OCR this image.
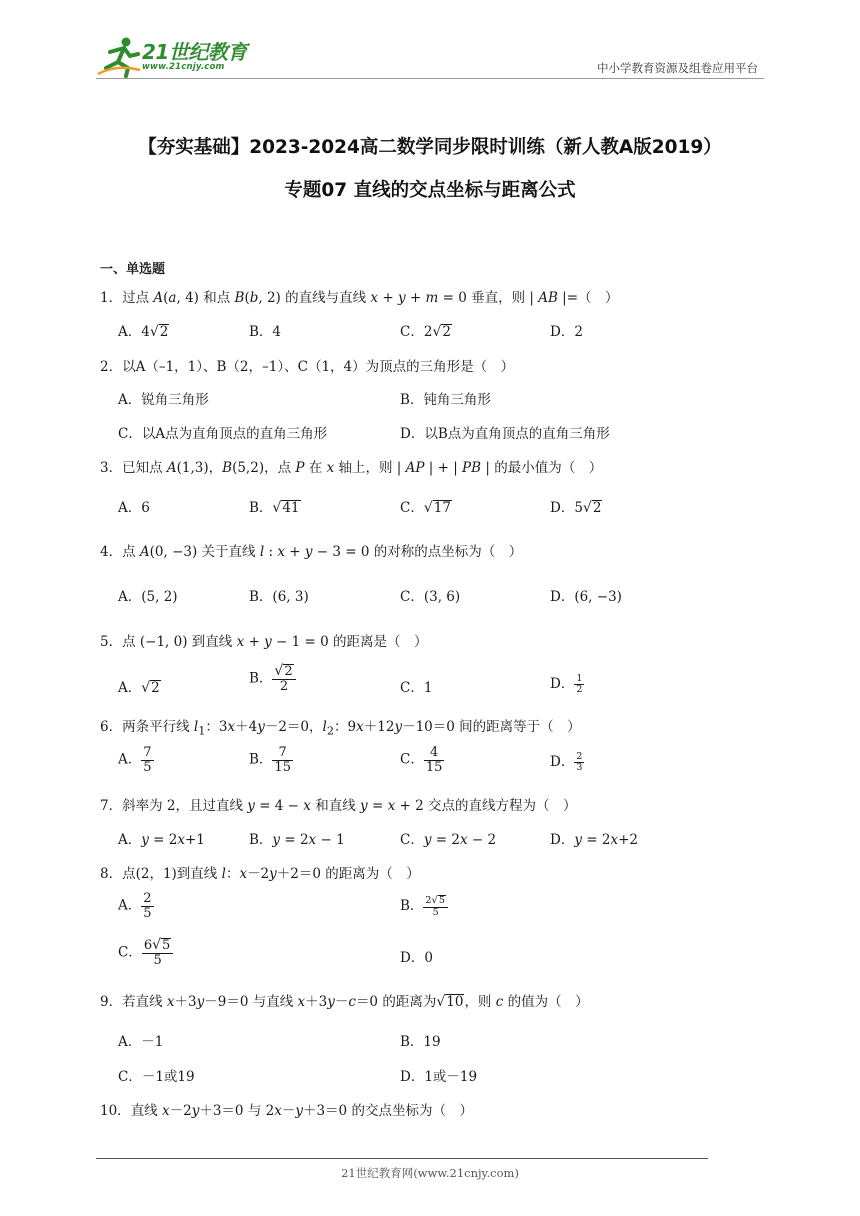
21世纪教育
www.21cnjy.com	中小学教育资源及组卷应用平台
【夯实基础】2023-2024高二数学同步限时训练（新人教A版2019）
专题07 直线的交点坐标与距离公式
一、单选题
1．过点 A(a, 4) 和点 B(b, 2) 的直线与直线 x + y + m = 0 垂直，则 | AB |=（　）
A．4√2	B．4	C．2√2	D．2
2．以A（–1，1）、B（2，–1）、C（1，4）为顶点的三角形是（　）
A．锐角三角形	B．钝角三角形
C．以A点为直角顶点的直角三角形	D．以B点为直角顶点的直角三角形
3．已知点 A(1,3)，B(5,2)，点 P 在 x 轴上，则 | AP | + | PB | 的最小值为（　）
A．6	B．√41	C．√17	D．5√2
4．点 A(0, −3) 关于直线 l : x + y − 3 = 0 的对称的点坐标为（　）
A．(5, 2)	B．(6, 3)	C．(3, 6)	D．(6, −3)
5．点 (−1, 0) 到直线 x + y − 1 = 0 的距离是（　）
A．√2
B． $\frac{√2}{2}$	C．1	D． $\frac{1}{2}$
6．两条平行线 $l_1$：3x＋4y－2＝0，$l_2$：9x＋12y－10＝0 间的距离等于（　）
A． $\frac{7}{5}$	B． $\frac{7}{15}$	C． $\frac{4}{15}$	D． $\frac{2}{3}$
7．斜率为 2，且过直线 y = 4 − x 和直线 y = x + 2 交点的直线方程为（　）
A．y = 2x+1	B．y = 2x − 1	C．y = 2x − 2	D．y = 2x+2
8．点(2，1)到直线 l：x－2y＋2＝0 的距离为（　）
A． $\frac{2}{5}$	B． $\frac{2√5}{5}$
C． $\frac{6√5}{5}$	D．0
9．若直线 x＋3y－9＝0 与直线 x＋3y－c＝0 的距离为√10，则 c 的值为（　）
A．－1	B．19
C．－1或19	D．1或－19
10．直线 x－2y＋3＝0 与 2x－y＋3＝0 的交点坐标为（　）
21世纪教育网(www.21cnjy.com)
